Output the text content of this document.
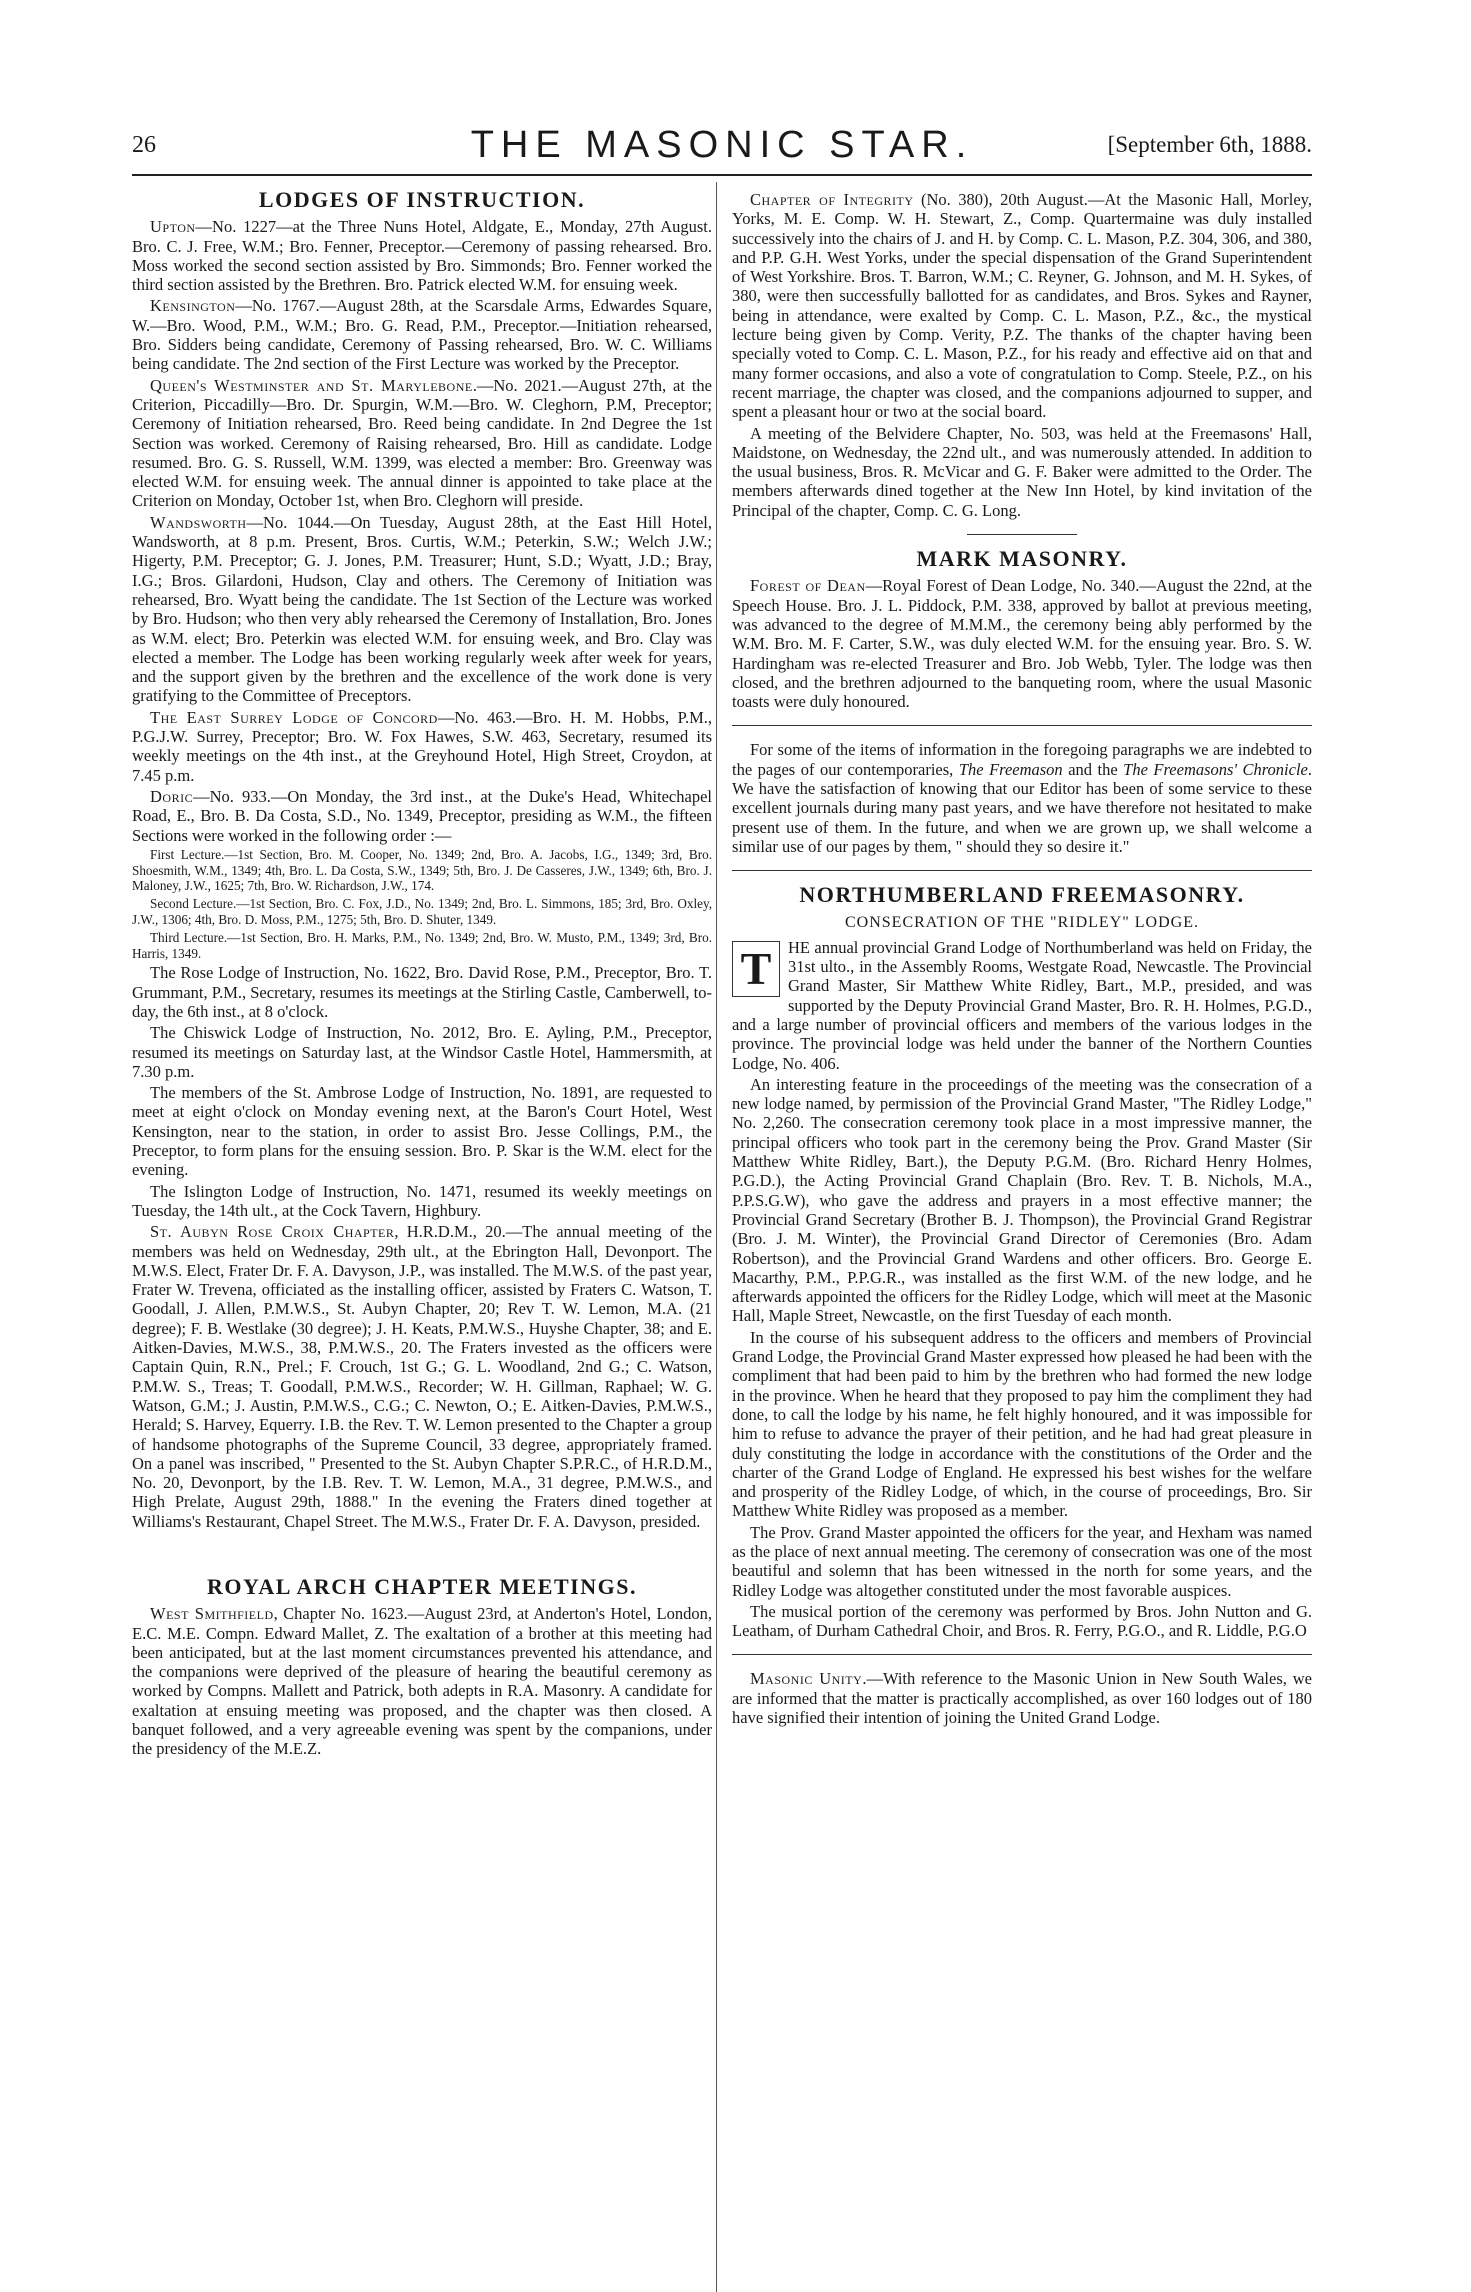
26	THE MASONIC STAR.	[September 6th, 1888.
LODGES OF INSTRUCTION.

Upton—No. 1227—at the Three Nuns Hotel, Aldgate, E., Monday, 27th August. Bro. C. J. Free, W.M.; Bro. Fenner, Preceptor.—Ceremony of passing rehearsed. Bro. Moss worked the second section assisted by Bro. Simmonds; Bro. Fenner worked the third section assisted by the Brethren. Bro. Patrick elected W.M. for ensuing week.

Kensington—No. 1767.—August 28th, at the Scarsdale Arms, Edwardes Square, W.—Bro. Wood, P.M., W.M.; Bro. G. Read, P.M., Preceptor.—Initiation rehearsed, Bro. Sidders being candidate, Ceremony of Passing rehearsed, Bro. W. C. Williams being candidate. The 2nd section of the First Lecture was worked by the Preceptor.

Queen's Westminster and St. Marylebone.—No. 2021.—August 27th, at the Criterion, Piccadilly—Bro. Dr. Spurgin, W.M.—Bro. W. Cleghorn, P.M, Preceptor; Ceremony of Initiation rehearsed, Bro. Reed being candidate. In 2nd Degree the 1st Section was worked. Ceremony of Raising rehearsed, Bro. Hill as candidate. Lodge resumed. Bro. G. S. Russell, W.M. 1399, was elected a member: Bro. Greenway was elected W.M. for ensuing week. The annual dinner is appointed to take place at the Criterion on Monday, October 1st, when Bro. Cleghorn will preside.

Wandsworth—No. 1044.—On Tuesday, August 28th, at the East Hill Hotel, Wandsworth, at 8 p.m. Present, Bros. Curtis, W.M.; Peterkin, S.W.; Welch J.W.; Higerty, P.M. Preceptor; G. J. Jones, P.M. Treasurer; Hunt, S.D.; Wyatt, J.D.; Bray, I.G.; Bros. Gilardoni, Hudson, Clay and others. The Ceremony of Initiation was rehearsed, Bro. Wyatt being the candidate. The 1st Section of the Lecture was worked by Bro. Hudson; who then very ably rehearsed the Ceremony of Installation, Bro. Jones as W.M. elect; Bro. Peterkin was elected W.M. for ensuing week, and Bro. Clay was elected a member. The Lodge has been working regularly week after week for years, and the support given by the brethren and the excellence of the work done is very gratifying to the Committee of Preceptors.

The East Surrey Lodge of Concord—No. 463.—Bro. H. M. Hobbs, P.M., P.G.J.W. Surrey, Preceptor; Bro. W. Fox Hawes, S.W. 463, Secretary, resumed its weekly meetings on the 4th inst., at the Greyhound Hotel, High Street, Croydon, at 7.45 p.m.

Doric—No. 933.—On Monday, the 3rd inst., at the Duke's Head, Whitechapel Road, E., Bro. B. Da Costa, S.D., No. 1349, Preceptor, presiding as W.M., the fifteen Sections were worked in the following order :—

First Lecture.—1st Section, Bro. M. Cooper, No. 1349; 2nd, Bro. A. Jacobs, I.G., 1349; 3rd, Bro. Shoesmith, W.M., 1349; 4th, Bro. L. Da Costa, S.W., 1349; 5th, Bro. J. De Casseres, J.W., 1349; 6th, Bro. J. Maloney, J.W., 1625; 7th, Bro. W. Richardson, J.W., 174.

Second Lecture.—1st Section, Bro. C. Fox, J.D., No. 1349; 2nd, Bro. L. Simmons, 185; 3rd, Bro. Oxley, J.W., 1306; 4th, Bro. D. Moss, P.M., 1275; 5th, Bro. D. Shuter, 1349.

Third Lecture.—1st Section, Bro. H. Marks, P.M., No. 1349; 2nd, Bro. W. Musto, P.M., 1349; 3rd, Bro. Harris, 1349.

The Rose Lodge of Instruction, No. 1622, Bro. David Rose, P.M., Preceptor, Bro. T. Grummant, P.M., Secretary, resumes its meetings at the Stirling Castle, Camberwell, to-day, the 6th inst., at 8 o'clock.

The Chiswick Lodge of Instruction, No. 2012, Bro. E. Ayling, P.M., Preceptor, resumed its meetings on Saturday last, at the Windsor Castle Hotel, Hammersmith, at 7.30 p.m.

The members of the St. Ambrose Lodge of Instruction, No. 1891, are requested to meet at eight o'clock on Monday evening next, at the Baron's Court Hotel, West Kensington, near to the station, in order to assist Bro. Jesse Collings, P.M., the Preceptor, to form plans for the ensuing session. Bro. P. Skar is the W.M. elect for the evening.

The Islington Lodge of Instruction, No. 1471, resumed its weekly meetings on Tuesday, the 14th ult., at the Cock Tavern, Highbury.

St. Aubyn Rose Croix Chapter, H.R.D.M., 20.—The annual meeting of the members was held on Wednesday, 29th ult., at the Ebrington Hall, Devonport. The M.W.S. Elect, Frater Dr. F. A. Davyson, J.P., was installed. The M.W.S. of the past year, Frater W. Trevena, officiated as the installing officer, assisted by Fraters C. Watson, T. Goodall, J. Allen, P.M.W.S., St. Aubyn Chapter, 20; Rev T. W. Lemon, M.A. (21 degree); F. B. Westlake (30 degree); J. H. Keats, P.M.W.S., Huyshe Chapter, 38; and E. Aitken-Davies, M.W.S., 38, P.M.W.S., 20. The Fraters invested as the officers were Captain Quin, R.N., Prel.; F. Crouch, 1st G.; G. L. Woodland, 2nd G.; C. Watson, P.M.W. S., Treas; T. Goodall, P.M.W.S., Recorder; W. H. Gillman, Raphael; W. G. Watson, G.M.; J. Austin, P.M.W.S., C.G.; C. Newton, O.; E. Aitken-Davies, P.M.W.S., Herald; S. Harvey, Equerry. I.B. the Rev. T. W. Lemon presented to the Chapter a group of handsome photographs of the Supreme Council, 33 degree, appropriately framed. On a panel was inscribed, " Presented to the St. Aubyn Chapter S.P.R.C., of H.R.D.M., No. 20, Devonport, by the I.B. Rev. T. W. Lemon, M.A., 31 degree, P.M.W.S., and High Prelate, August 29th, 1888." In the evening the Fraters dined together at Williams's Restaurant, Chapel Street. The M.W.S., Frater Dr. F. A. Davyson, presided.

ROYAL ARCH CHAPTER MEETINGS.

West Smithfield, Chapter No. 1623.—August 23rd, at Anderton's Hotel, London, E.C. M.E. Compn. Edward Mallet, Z. The exaltation of a brother at this meeting had been anticipated, but at the last moment circumstances prevented his attendance, and the companions were deprived of the pleasure of hearing the beautiful ceremony as worked by Compns. Mallett and Patrick, both adepts in R.A. Masonry. A candidate for exaltation at ensuing meeting was proposed, and the chapter was then closed. A banquet followed, and a very agreeable evening was spent by the companions, under the presidency of the M.E.Z.

Chapter of Integrity (No. 380), 20th August.—At the Masonic Hall, Morley, Yorks, M. E. Comp. W. H. Stewart, Z., Comp. Quartermaine was duly installed successively into the chairs of J. and H. by Comp. C. L. Mason, P.Z. 304, 306, and 380, and P.P. G.H. West Yorks, under the special dispensation of the Grand Superintendent of West Yorkshire. Bros. T. Barron, W.M.; C. Reyner, G. Johnson, and M. H. Sykes, of 380, were then successfully ballotted for as candidates, and Bros. Sykes and Rayner, being in attendance, were exalted by Comp. C. L. Mason, P.Z., &c., the mystical lecture being given by Comp. Verity, P.Z. The thanks of the chapter having been specially voted to Comp. C. L. Mason, P.Z., for his ready and effective aid on that and many former occasions, and also a vote of congratulation to Comp. Steele, P.Z., on his recent marriage, the chapter was closed, and the companions adjourned to supper, and spent a pleasant hour or two at the social board.

A meeting of the Belvidere Chapter, No. 503, was held at the Freemasons' Hall, Maidstone, on Wednesday, the 22nd ult., and was numerously attended. In addition to the usual business, Bros. R. McVicar and G. F. Baker were admitted to the Order. The members afterwards dined together at the New Inn Hotel, by kind invitation of the Principal of the chapter, Comp. C. G. Long.

MARK MASONRY.

Forest of Dean—Royal Forest of Dean Lodge, No. 340.—August the 22nd, at the Speech House. Bro. J. L. Piddock, P.M. 338, approved by ballot at previous meeting, was advanced to the degree of M.M.M., the ceremony being ably performed by the W.M. Bro. M. F. Carter, S.W., was duly elected W.M. for the ensuing year. Bro. S. W. Hardingham was re-elected Treasurer and Bro. Job Webb, Tyler. The lodge was then closed, and the brethren adjourned to the banqueting room, where the usual Masonic toasts were duly honoured.

For some of the items of information in the foregoing paragraphs we are indebted to the pages of our contemporaries, The Freemason and the The Freemasons' Chronicle. We have the satisfaction of knowing that our Editor has been of some service to these excellent journals during many past years, and we have therefore not hesitated to make present use of them. In the future, and when we are grown up, we shall welcome a similar use of our pages by them, " should they so desire it."

NORTHUMBERLAND FREEMASONRY.
CONSECRATION OF THE "RIDLEY" LODGE.

T	HE annual provincial Grand Lodge of Northumberland was held on Friday, the 31st ulto., in the Assembly Rooms, Westgate Road, Newcastle. The Provincial Grand Master, Sir Matthew White Ridley, Bart., M.P., presided, and was supported by the Deputy Provincial Grand Master, Bro. R. H. Holmes, P.G.D., and a large number of provincial officers and members of the various lodges in the province. The provincial lodge was held under the banner of the Northern Counties Lodge, No. 406.

An interesting feature in the proceedings of the meeting was the consecration of a new lodge named, by permission of the Provincial Grand Master, "The Ridley Lodge," No. 2,260. The consecration ceremony took place in a most impressive manner, the principal officers who took part in the ceremony being the Prov. Grand Master (Sir Matthew White Ridley, Bart.), the Deputy P.G.M. (Bro. Richard Henry Holmes, P.G.D.), the Acting Provincial Grand Chaplain (Bro. Rev. T. B. Nichols, M.A., P.P.S.G.W), who gave the address and prayers in a most effective manner; the Provincial Grand Secretary (Brother B. J. Thompson), the Provincial Grand Registrar (Bro. J. M. Winter), the Provincial Grand Director of Ceremonies (Bro. Adam Robertson), and the Provincial Grand Wardens and other officers. Bro. George E. Macarthy, P.M., P.P.G.R., was installed as the first W.M. of the new lodge, and he afterwards appointed the officers for the Ridley Lodge, which will meet at the Masonic Hall, Maple Street, Newcastle, on the first Tuesday of each month.

In the course of his subsequent address to the officers and members of Provincial Grand Lodge, the Provincial Grand Master expressed how pleased he had been with the compliment that had been paid to him by the brethren who had formed the new lodge in the province. When he heard that they proposed to pay him the compliment they had done, to call the lodge by his name, he felt highly honoured, and it was impossible for him to refuse to advance the prayer of their petition, and he had had great pleasure in duly constituting the lodge in accordance with the constitutions of the Order and the charter of the Grand Lodge of England. He expressed his best wishes for the welfare and prosperity of the Ridley Lodge, of which, in the course of proceedings, Bro. Sir Matthew White Ridley was proposed as a member.

The Prov. Grand Master appointed the officers for the year, and Hexham was named as the place of next annual meeting. The ceremony of consecration was one of the most beautiful and solemn that has been witnessed in the north for some years, and the Ridley Lodge was altogether constituted under the most favorable auspices.

The musical portion of the ceremony was performed by Bros. John Nutton and G. Leatham, of Durham Cathedral Choir, and Bros. R. Ferry, P.G.O., and R. Liddle, P.G.O

Masonic Unity.—With reference to the Masonic Union in New South Wales, we are informed that the matter is practically accomplished, as over 160 lodges out of 180 have signified their intention of joining the United Grand Lodge.
